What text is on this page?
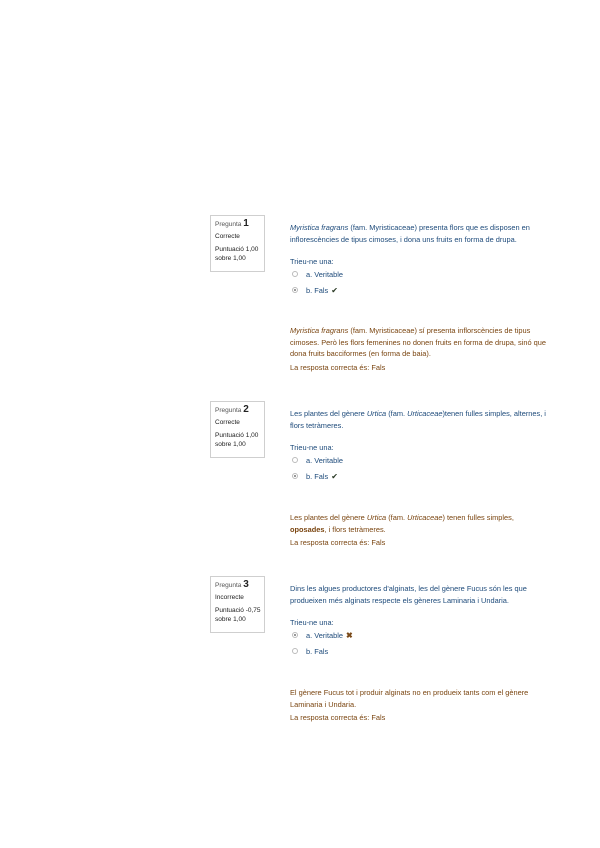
Pregunta 1
Correcte
Puntuació 1,00
sobre 1,00
Myristica fragrans (fam. Myristicaceae) presenta flors que es disposen en inflorescències de tipus cimoses, i dona uns fruits en forma de drupa.
Trieu-ne una:
a. Veritable
b. Fals ✔
Myristica fragrans (fam. Myristicaceae) sí presenta inflorscències de tipus cimoses. Però les flors femenines no donen fruits en forma de drupa, sinó que dona fruits bacciformes (en forma de baia).
La resposta correcta és: Fals
Pregunta 2
Correcte
Puntuació 1,00
sobre 1,00
Les plantes del gènere Urtica (fam. Urticaceae)tenen fulles simples, alternes, i flors tetràmeres.
Trieu-ne una:
a. Veritable
b. Fals ✔
Les plantes del gènere Urtica (fam. Urticaceae) tenen fulles simples, oposades, i flors tetràmeres.
La resposta correcta és: Fals
Pregunta 3
Incorrecte
Puntuació -0,75
sobre 1,00
Dins les algues productores d'alginats, les del gènere Fucus són les que produeixen més alginats respecte els gèneres Laminaria i Undaria.
Trieu-ne una:
a. Veritable ✖
b. Fals
El gènere Fucus tot i produir alginats no en produeix tants com el gènere Laminaria i Undaria.
La resposta correcta és: Fals
